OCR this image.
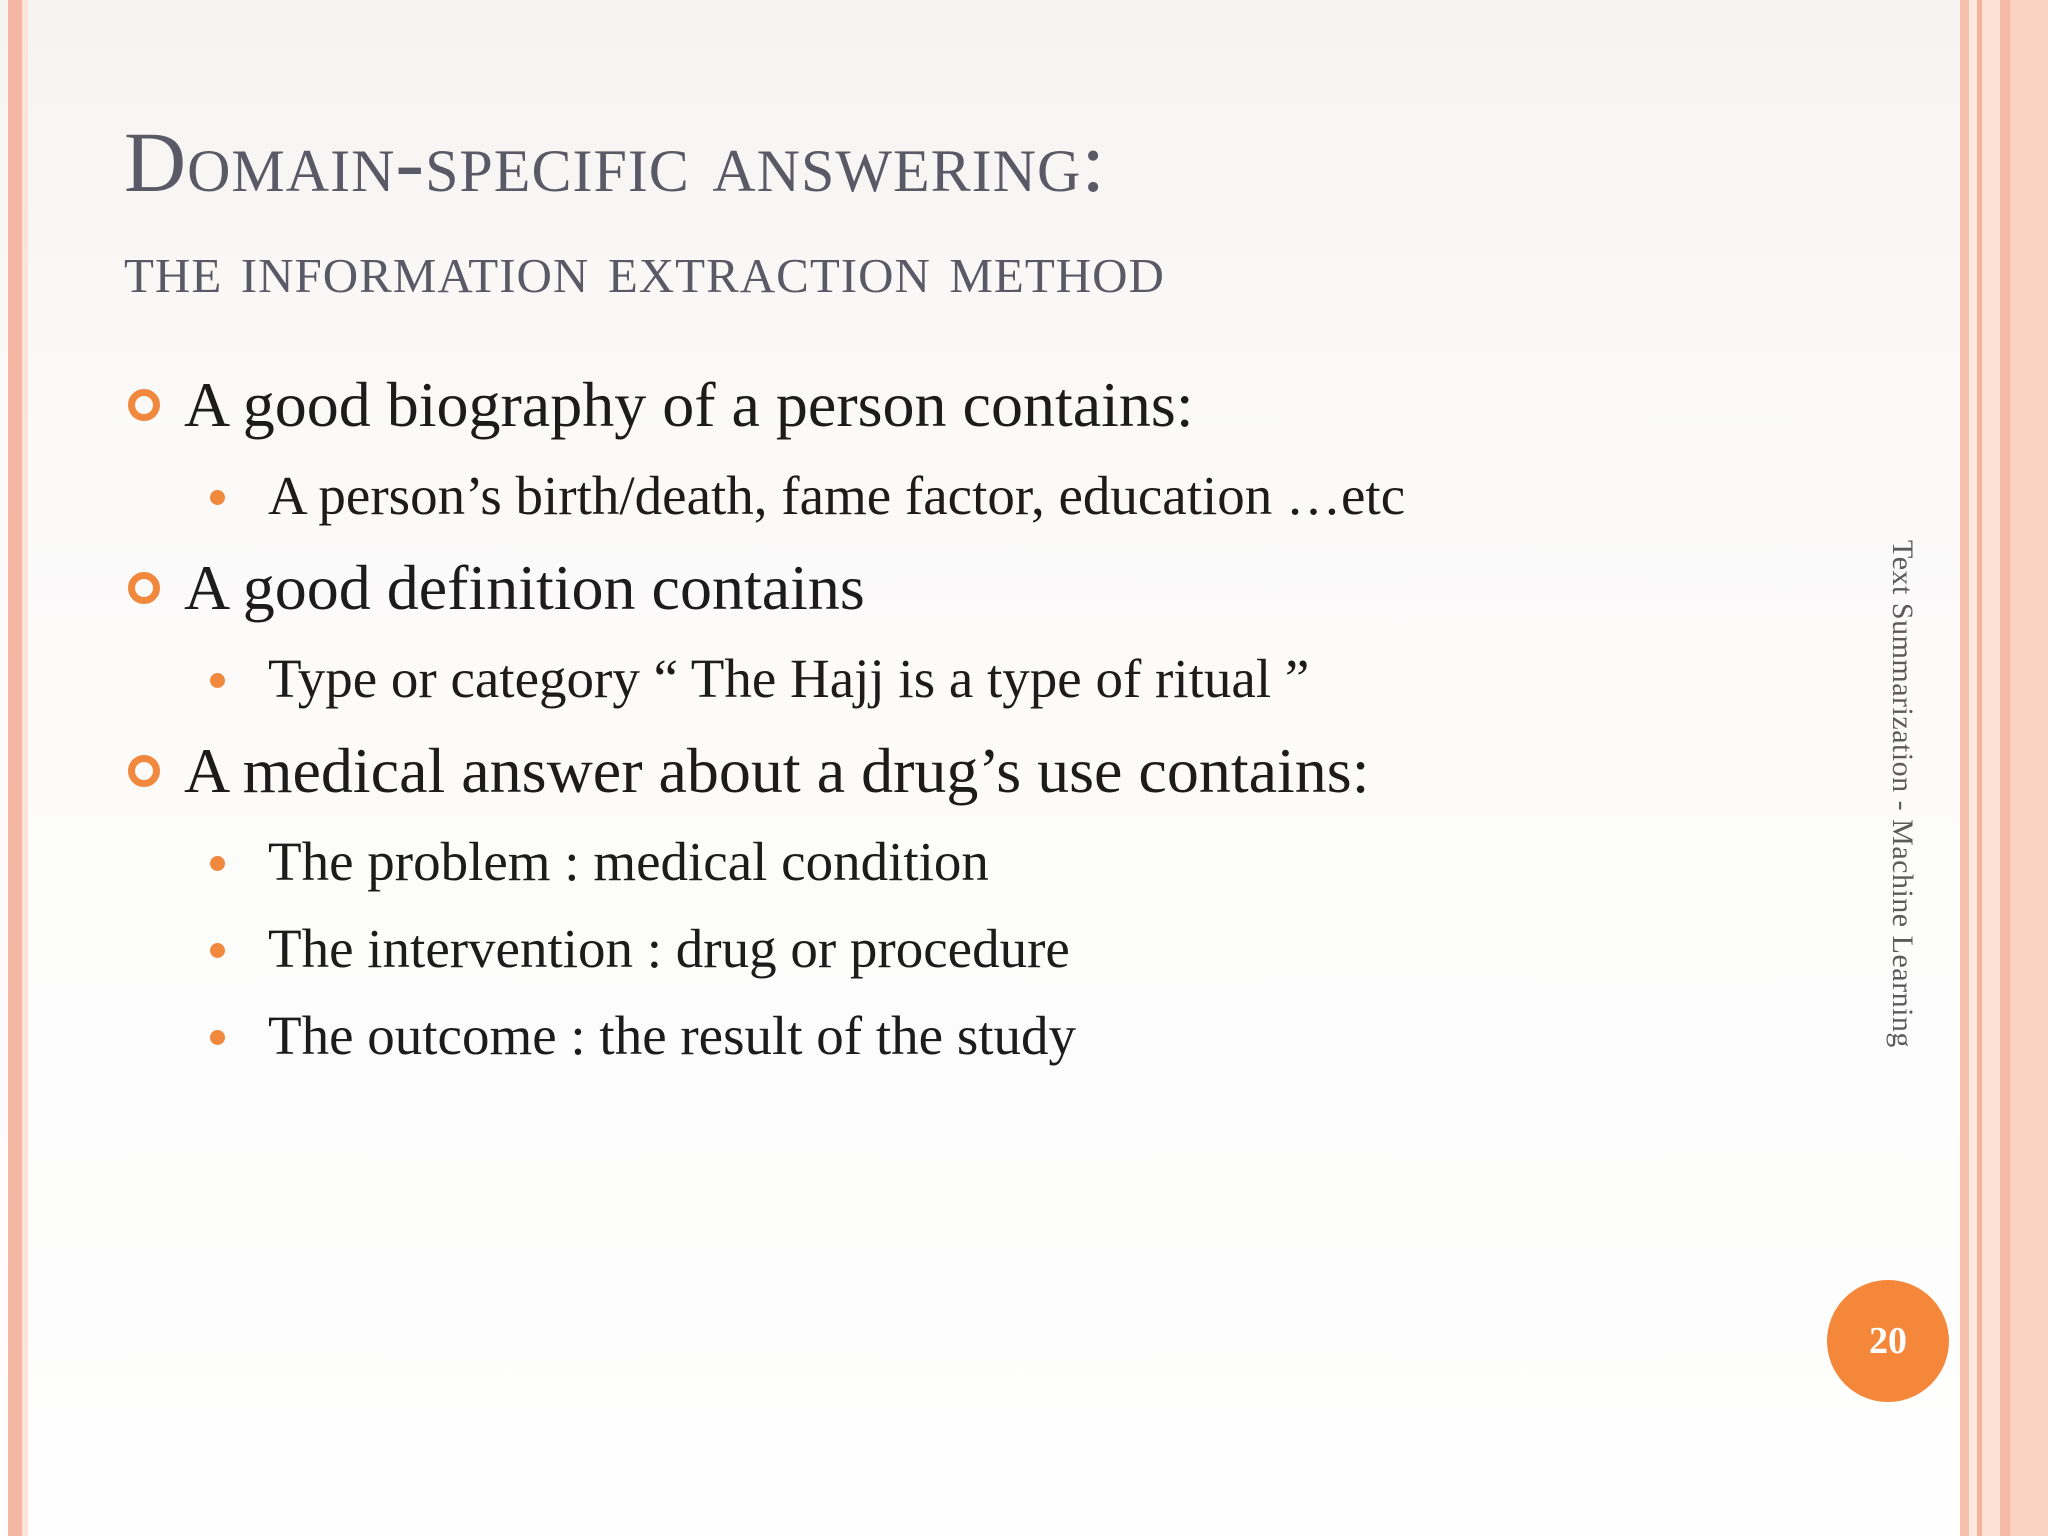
Domain-specific answering:
the information extraction method
A good biography of a person contains:
A person’s birth/death, fame factor, education …etc
A good definition contains
Type or category “ The Hajj is a type of ritual ”
A medical answer about a drug’s use contains:
The problem : medical condition
The intervention : drug or procedure
The outcome : the result of the study	Text Summarization - Machine Learning
20
